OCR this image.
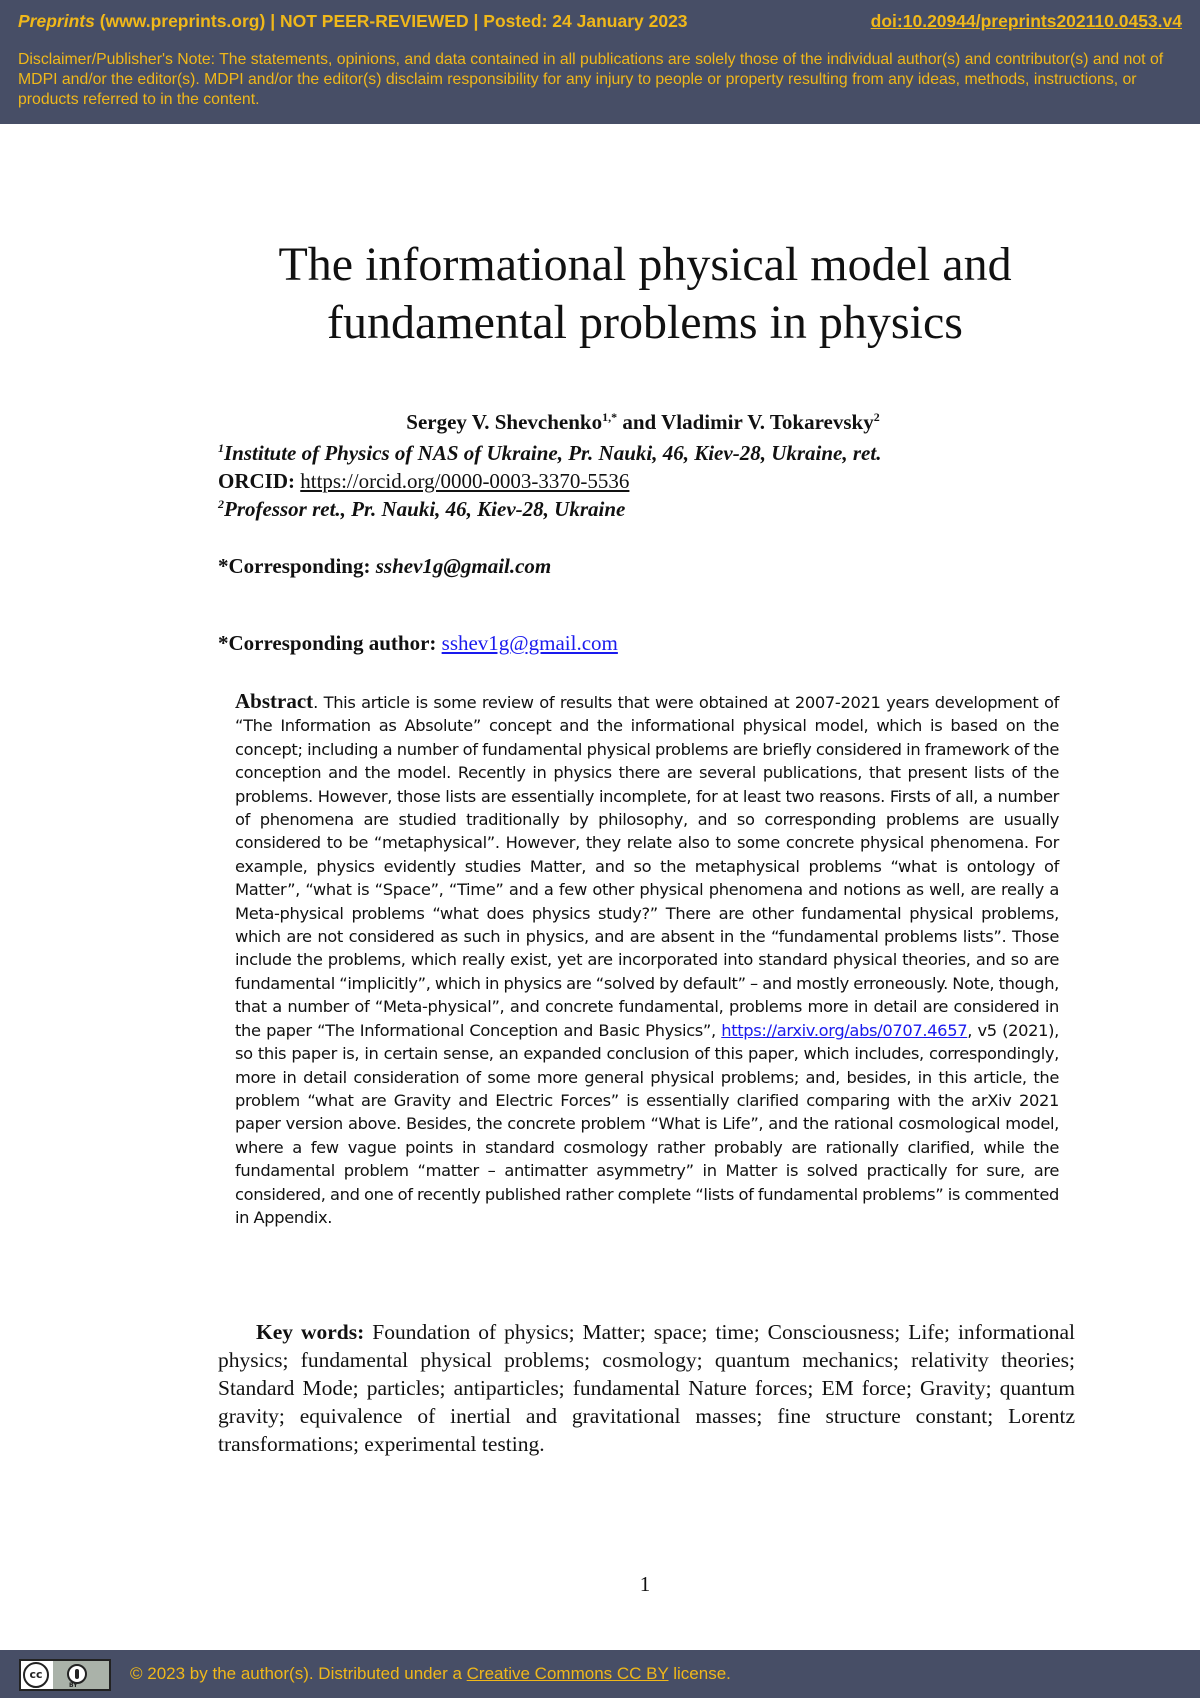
Preprints (www.preprints.org) | NOT PEER-REVIEWED | Posted: 24 January 2023	doi:10.20944/preprints202110.0453.v4
Disclaimer/Publisher's Note: The statements, opinions, and data contained in all publications are solely those of the individual author(s) and contributor(s) and not of MDPI and/or the editor(s). MDPI and/or the editor(s) disclaim responsibility for any injury to people or property resulting from any ideas, methods, instructions, or products referred to in the content.
The informational physical model and
fundamental problems in physics
Sergey V. Shevchenko$^{1,*}$ and Vladimir V. Tokarevsky$^2$
$^1$Institute of Physics of NAS of Ukraine, Pr. Nauki, 46, Kiev-28, Ukraine, ret.
ORCID: https://orcid.org/0000-0003-3370-5536
$^2$Professor ret., Pr. Nauki, 46, Kiev-28, Ukraine
*Corresponding: sshev1g@gmail.com
*Corresponding author: sshev1g@gmail.com
Abstract. This article is some review of results that were obtained at 2007-2021 years development of “The Information as Absolute” concept and the informational physical model, which is based on the concept; including a number of fundamental physical problems are briefly considered in framework of the conception and the model. Recently in physics there are several publications, that present lists of the problems. However, those lists are essentially incomplete, for at least two reasons. Firsts of all, a number of phenomena are studied traditionally by philosophy, and so corresponding problems are usually considered to be “metaphysical”. However, they relate also to some concrete physical phenomena. For example, physics evidently studies Matter, and so the metaphysical problems “what is ontology of Matter”, “what is “Space”, “Time” and a few other physical phenomena and notions as well, are really a Meta-physical problems “what does physics study?” There are other fundamental physical problems, which are not considered as such in physics, and are absent in the “fundamental problems lists”. Those include the problems, which really exist, yet are incorporated into standard physical theories, and so are fundamental “implicitly”, which in physics are “solved by default” – and mostly erroneously. Note, though, that a number of “Meta-physical”, and concrete fundamental, problems more in detail are considered in the paper “The Informational Conception and Basic Physics”, https://arxiv.org/abs/0707.4657, v5 (2021), so this paper is, in certain sense, an expanded conclusion of this paper, which includes, correspondingly, more in detail consideration of some more general physical problems; and, besides, in this article, the problem “what are Gravity and Electric Forces” is essentially clarified comparing with the arXiv 2021 paper version above. Besides, the concrete problem “What is Life”, and the rational cosmological model, where a few vague points in standard cosmology rather probably are rationally clarified, while the fundamental problem “matter – antimatter asymmetry” in Matter is solved practically for sure, are considered, and one of recently published rather complete “lists of fundamental problems” is commented in Appendix.
Key words: Foundation of physics; Matter; space; time; Consciousness; Life; informational physics; fundamental physical problems; cosmology; quantum mechanics; relativity theories; Standard Mode; particles; antiparticles; fundamental Nature forces; EM force; Gravity; quantum gravity; equivalence of inertial and gravitational masses; fine structure constant; Lorentz transformations; experimental testing.
1
cc
BY
© 2023 by the author(s). Distributed under a Creative Commons CC BY license.
